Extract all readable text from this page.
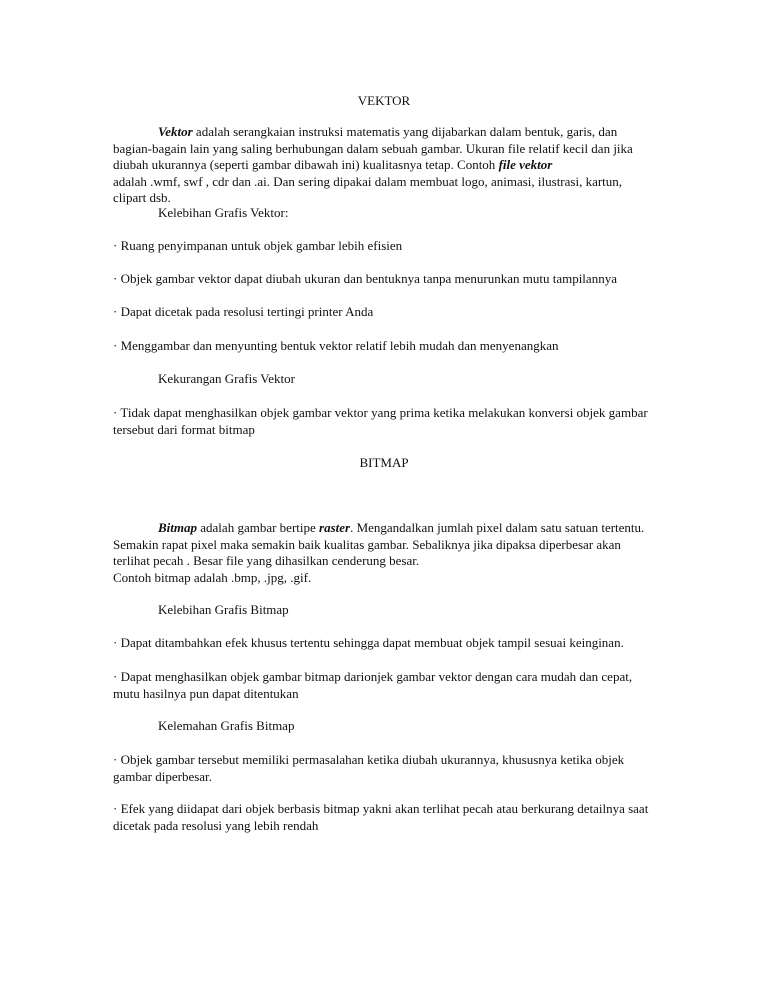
VEKTOR

Vektor adalah serangkaian instruksi matematis yang dijabarkan dalam bentuk, garis, dan bagian-bagain lain yang saling berhubungan dalam sebuah gambar. Ukuran file relatif kecil dan jika diubah ukurannya (seperti gambar dibawah ini) kualitasnya tetap. Contoh file vektor
adalah .wmf, swf , cdr dan .ai. Dan sering dipakai dalam membuat logo, animasi, ilustrasi, kartun, clipart dsb.

Kelebihan Grafis Vektor:
· Ruang penyimpanan untuk objek gambar lebih efisien
· Objek gambar vektor dapat diubah ukuran dan bentuknya tanpa menurunkan mutu tampilannya
· Dapat dicetak pada resolusi tertingi printer Anda
· Menggambar dan menyunting bentuk vektor relatif lebih mudah dan menyenangkan
Kekurangan Grafis Vektor
· Tidak dapat menghasilkan objek gambar vektor yang prima ketika melakukan konversi objek gambar tersebut dari format bitmap
BITMAP

Bitmap adalah gambar bertipe raster. Mengandalkan jumlah pixel dalam satu satuan tertentu. Semakin rapat pixel maka semakin baik kualitas gambar. Sebaliknya jika dipaksa diperbesar akan terlihat pecah . Besar file yang dihasilkan cenderung besar.
Contoh bitmap adalah .bmp, .jpg, .gif.

Kelebihan Grafis Bitmap
· Dapat ditambahkan efek khusus tertentu sehingga dapat membuat objek tampil sesuai keinginan.
· Dapat menghasilkan objek gambar bitmap darionjek gambar vektor dengan cara mudah dan cepat, mutu hasilnya pun dapat ditentukan
Kelemahan Grafis Bitmap
· Objek gambar tersebut memiliki permasalahan ketika diubah ukurannya, khususnya ketika objek gambar diperbesar.
· Efek yang diidapat dari objek berbasis bitmap yakni akan terlihat pecah atau berkurang detailnya saat dicetak pada resolusi yang lebih rendah
